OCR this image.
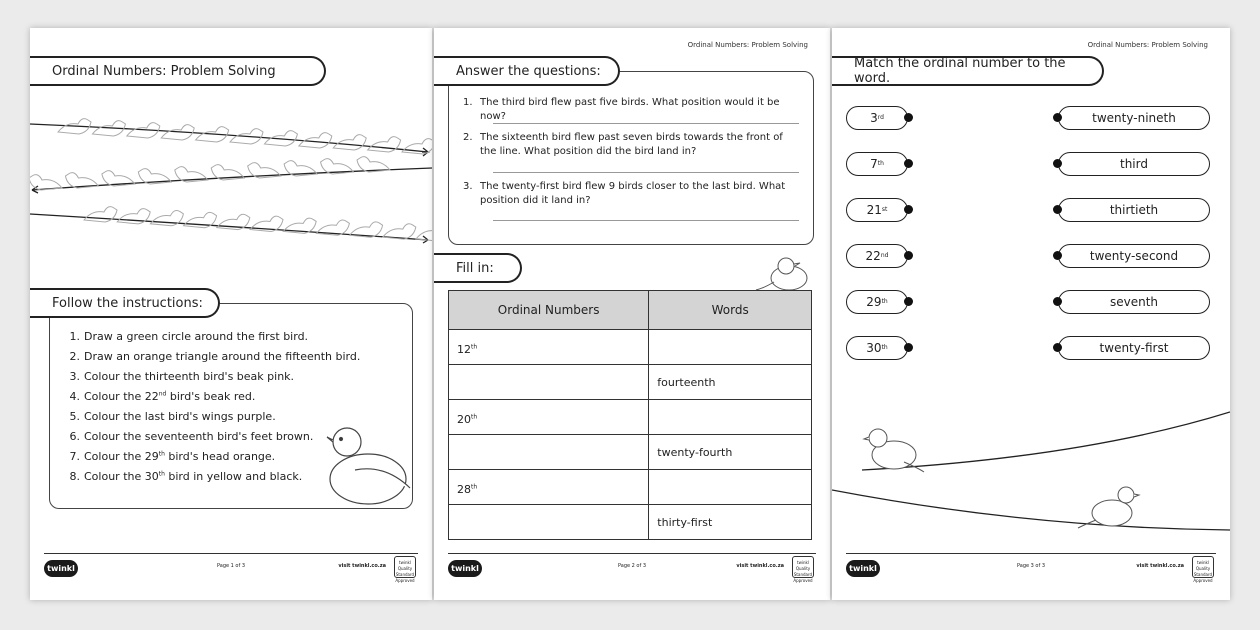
Ordinal Numbers: Problem Solving
1. Draw a green circle around the first bird.
2. Draw an orange triangle around the fifteenth bird.
3. Colour the thirteenth bird's beak pink.
4. Colour the 22nd bird's beak red.
5. Colour the last bird's wings purple.
6. Colour the seventeenth bird's feet brown.
7. Colour the 29th bird's head orange.
8. Colour the 30th bird in yellow and black.
Follow the instructions:
twinkl	Page 1 of 3	visit twinkl.co.za
twinkl Quality Standard Approved
Ordinal Numbers: Problem Solving
1. The third bird flew past five birds. What position would it be now?
2. The sixteenth bird flew past seven birds towards the front of the line. What position did the bird land in?
3. The twenty-first bird flew 9 birds closer to the last bird. What position did it land in?
Answer the questions:
Fill in:
Ordinal Numbers	Words
12th	
	fourteenth
20th	
	twenty-fourth
28th	
	thirty-first
twinkl	Page 2 of 3	visit twinkl.co.za
twinkl Quality Standard Approved
Ordinal Numbers: Problem Solving
Match the ordinal number to the word.
3 rd
7 th
21 st
22 nd
29 th
30 th
twenty-nineth
third
thirtieth
twenty-second
seventh
twenty-first
twinkl	Page 3 of 3	visit twinkl.co.za
twinkl Quality Standard Approved
